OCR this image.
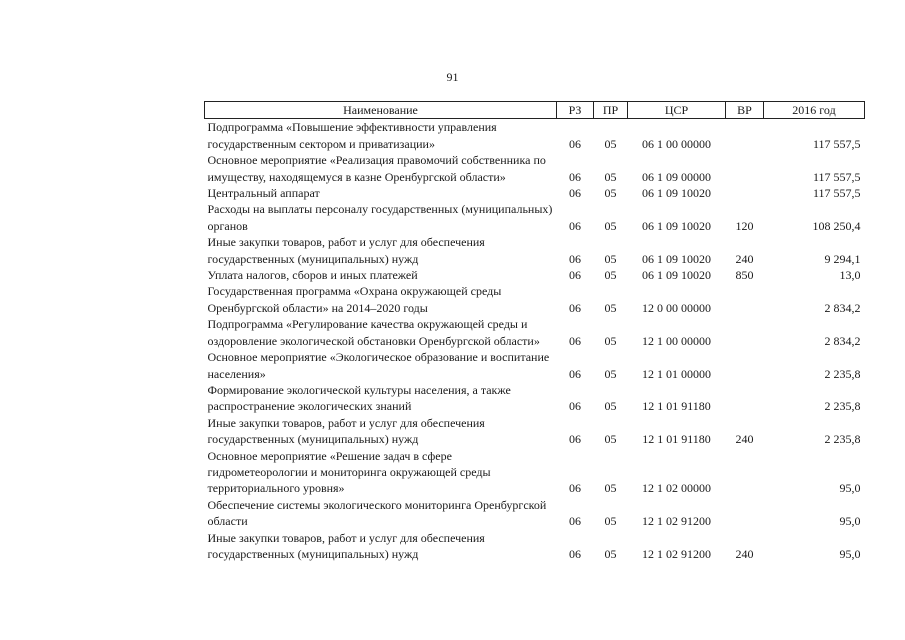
91
Наименование	РЗ	ПР	ЦСР	ВР	2016 год
Подпрограмма «Повышение эффективности управления государственным сектором и приватизации»	06	05	06 1 00 00000		117 557,5
Основное мероприятие «Реализация правомочий собственника по имуществу, находящемуся в казне Оренбургской области»	06	05	06 1 09 00000		117 557,5
Центральный аппарат	06	05	06 1 09 10020		117 557,5
Расходы на выплаты персоналу государственных (муниципальных) органов	06	05	06 1 09 10020	120	108 250,4
Иные закупки товаров, работ и услуг для обеспечения государственных (муниципальных) нужд	06	05	06 1 09 10020	240	9 294,1
Уплата налогов, сборов и иных платежей	06	05	06 1 09 10020	850	13,0
Государственная программа «Охрана окружающей среды Оренбургской области» на 2014–2020 годы	06	05	12 0 00 00000		2 834,2
Подпрограмма «Регулирование качества окружающей среды и оздоровление экологической обстановки Оренбургской области»	06	05	12 1 00 00000		2 834,2
Основное мероприятие «Экологическое образование и воспитание населения»	06	05	12 1 01 00000		2 235,8
Формирование экологической культуры населения, а также распространение экологических знаний	06	05	12 1 01 91180		2 235,8
Иные закупки товаров, работ и услуг для обеспечения государственных (муниципальных) нужд	06	05	12 1 01 91180	240	2 235,8
Основное мероприятие «Решение задач в сфере гидрометеорологии и мониторинга окружающей среды территориального уровня»	06	05	12 1 02 00000		95,0
Обеспечение системы экологического мониторинга Оренбургской области	06	05	12 1 02 91200		95,0
Иные закупки товаров, работ и услуг для обеспечения государственных (муниципальных) нужд	06	05	12 1 02 91200	240	95,0
